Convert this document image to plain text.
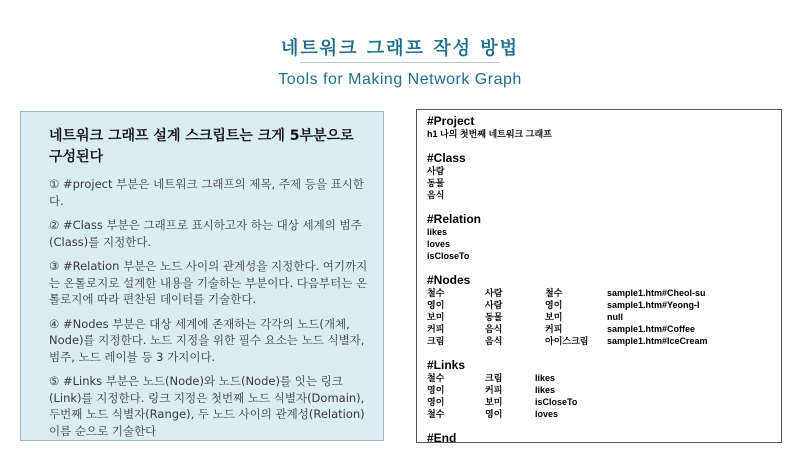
네트워크 그래프 작성 방법
Tools for Making Network Graph
네트워크 그래프 설계 스크립트는 크게 5부분으로 구성된다
① #project 부분은 네트워크 그래프의 제목, 주제 등을 표시한다.
② #Class 부분은 그래프로 표시하고자 하는 대상 세계의 범주(Class)를 지정한다.
③ #Relation 부분은 노드 사이의 관계성을 지정한다. 여기까지는 온톨로지로 설계한 내용을 기술하는 부분이다. 다음부터는 온톨로지에 따라 편찬된 데이터를 기술한다.
④ #Nodes 부분은 대상 세계에 존재하는 각각의 노드(개체, Node)를 지정한다. 노드 지정을 위한 필수 요소는 노드 식별자, 범주, 노드 레이블 등 3 가지이다.
⑤ #Links 부분은 노드(Node)와 노드(Node)를 잇는 링크(Link)를 지정한다. 링크 지정은 첫번째 노드 식별자(Domain), 두번째 노드 식별자(Range), 두 노드 사이의 관계성(Relation) 이름 순으로 기술한다
#Project
h1 나의 첫번째 네트워크 그래프
#Class
사람
동물
음식
#Relation
likes
loves
isCloseTo
#Nodes
철수	사람	철수	sample1.htm#Cheol-su
영이	사람	영이	sample1.htm#Yeong-I
보미	동물	보미	null
커피	음식	커피	sample1.htm#Coffee
크림	음식	아이스크림 sample1.htm#IceCream
#Links
철수	크림	likes
영이	커피	likes
영이	보미	isCloseTo
철수	영이	loves
#End
